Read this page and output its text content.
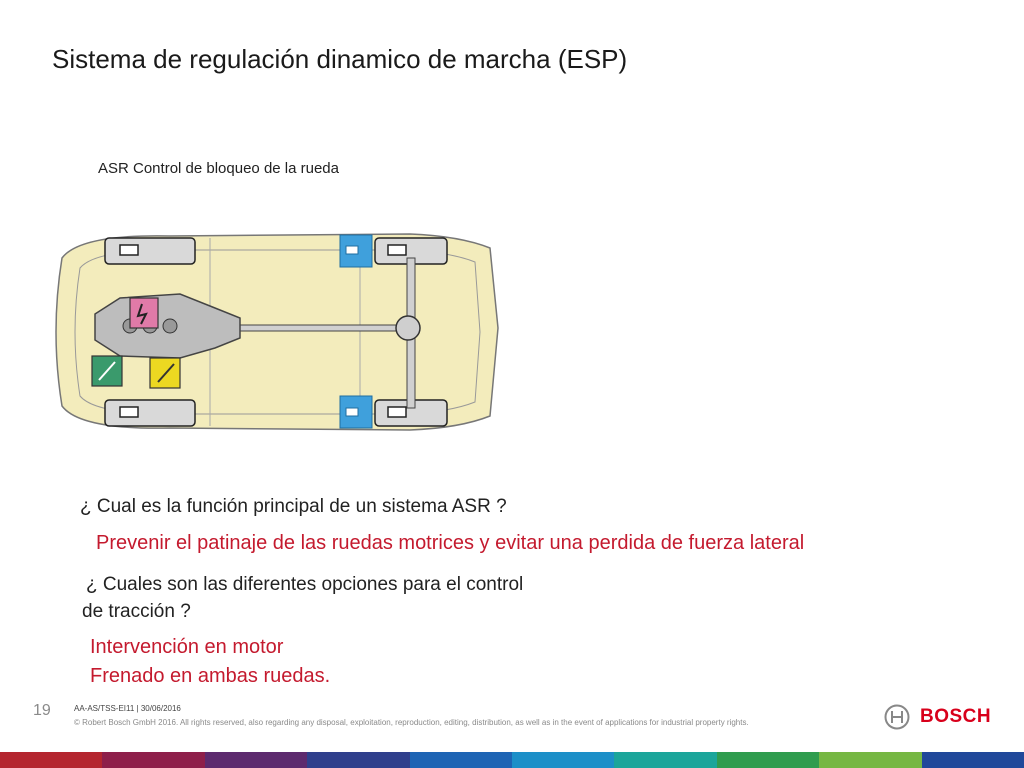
Sistema de regulación dinamico de marcha (ESP)
ASR Control de bloqueo de la rueda
¿ Cual es la función principal de un sistema ASR ?
Prevenir el patinaje de las ruedas motrices y evitar una perdida de fuerza lateral
¿ Cuales son las diferentes opciones para el control
de tracción ?
Intervención en motor
Frenado en ambas ruedas.
19	AA-AS/TSS-EI11 | 30/06/2016
© Robert Bosch GmbH 2016. All rights reserved, also regarding any disposal, exploitation, reproduction, editing, distribution, as well as in the event of applications for industrial property rights.	BOSCH
